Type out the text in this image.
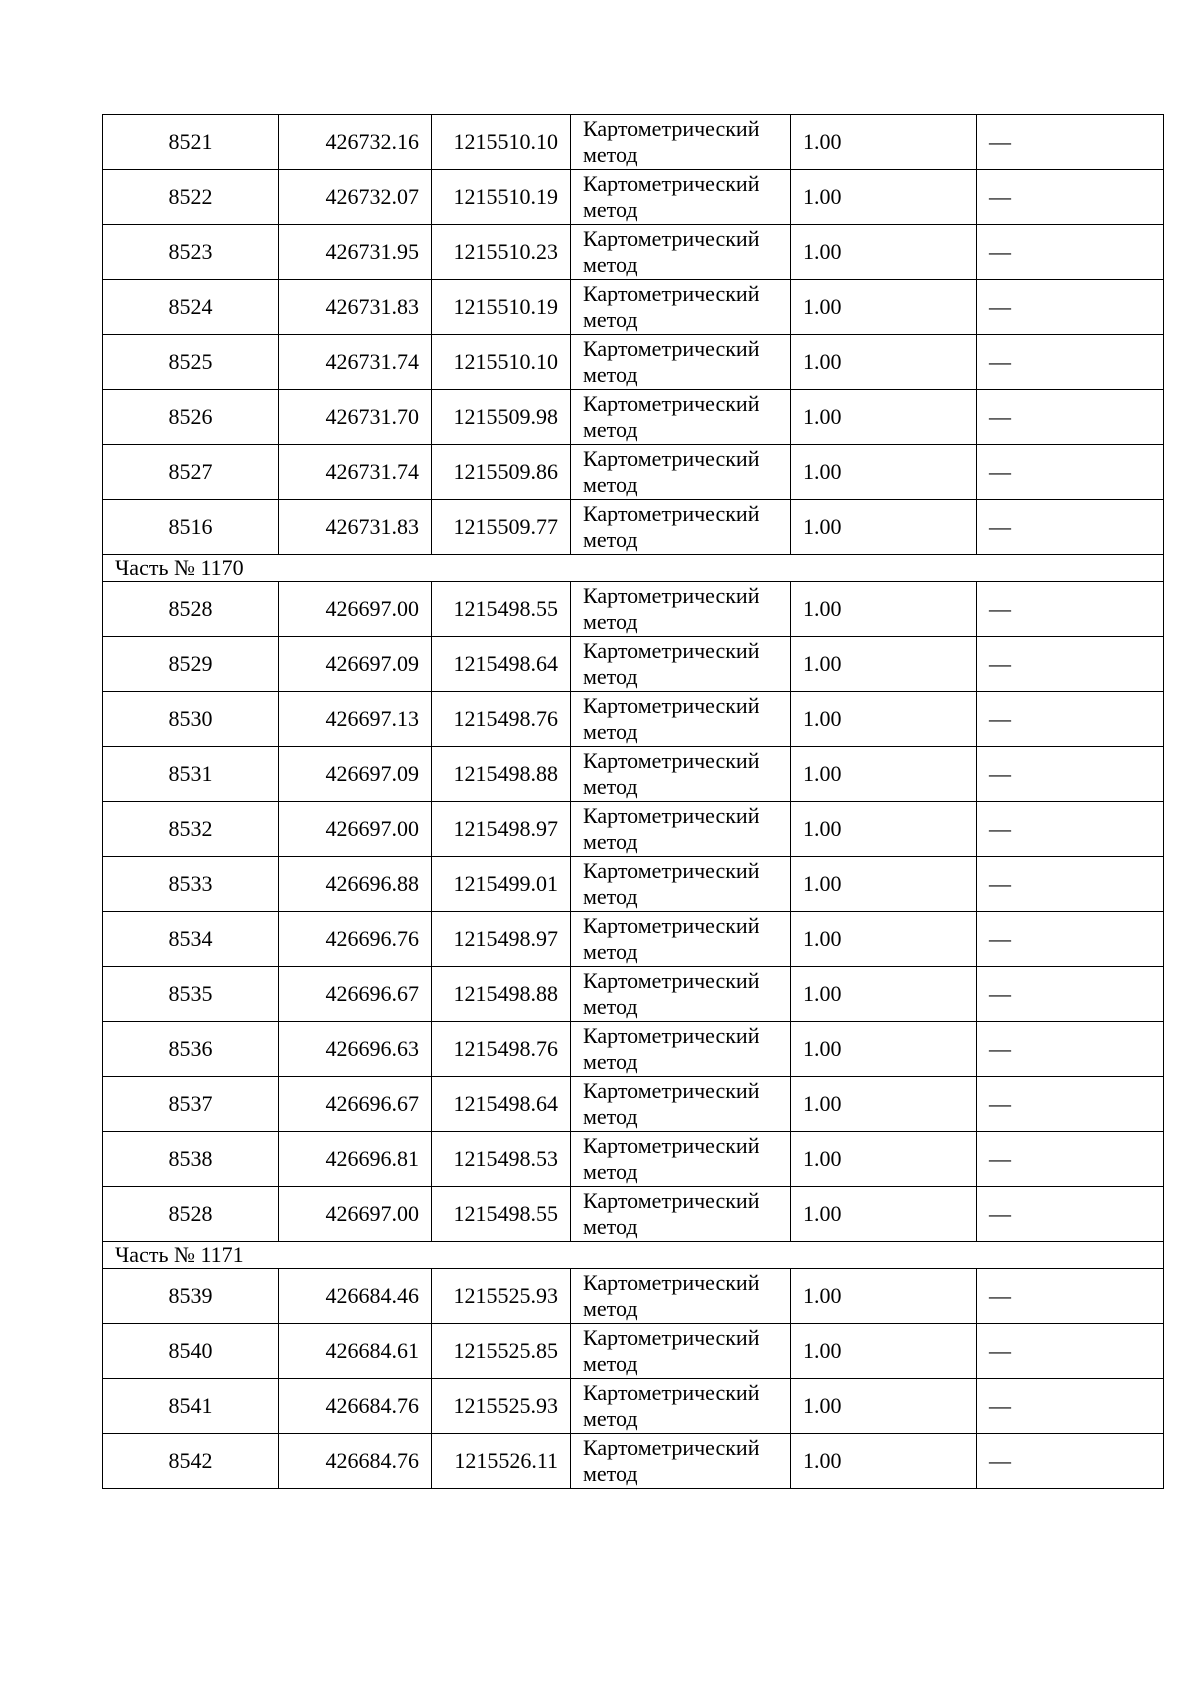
8521	426732.16	1215510.10	Картометрический
метод	1.00	—
8522	426732.07	1215510.19	Картометрический
метод	1.00	—
8523	426731.95	1215510.23	Картометрический
метод	1.00	—
8524	426731.83	1215510.19	Картометрический
метод	1.00	—
8525	426731.74	1215510.10	Картометрический
метод	1.00	—
8526	426731.70	1215509.98	Картометрический
метод	1.00	—
8527	426731.74	1215509.86	Картометрический
метод	1.00	—
8516	426731.83	1215509.77	Картометрический
метод	1.00	—
Часть № 1170					
8528	426697.00	1215498.55	Картометрический
метод	1.00	—
8529	426697.09	1215498.64	Картометрический
метод	1.00	—
8530	426697.13	1215498.76	Картометрический
метод	1.00	—
8531	426697.09	1215498.88	Картометрический
метод	1.00	—
8532	426697.00	1215498.97	Картометрический
метод	1.00	—
8533	426696.88	1215499.01	Картометрический
метод	1.00	—
8534	426696.76	1215498.97	Картометрический
метод	1.00	—
8535	426696.67	1215498.88	Картометрический
метод	1.00	—
8536	426696.63	1215498.76	Картометрический
метод	1.00	—
8537	426696.67	1215498.64	Картометрический
метод	1.00	—
8538	426696.81	1215498.53	Картометрический
метод	1.00	—
8528	426697.00	1215498.55	Картометрический
метод	1.00	—
Часть № 1171					
8539	426684.46	1215525.93	Картометрический
метод	1.00	—
8540	426684.61	1215525.85	Картометрический
метод	1.00	—
8541	426684.76	1215525.93	Картометрический
метод	1.00	—
8542	426684.76	1215526.11	Картометрический
метод	1.00	—
